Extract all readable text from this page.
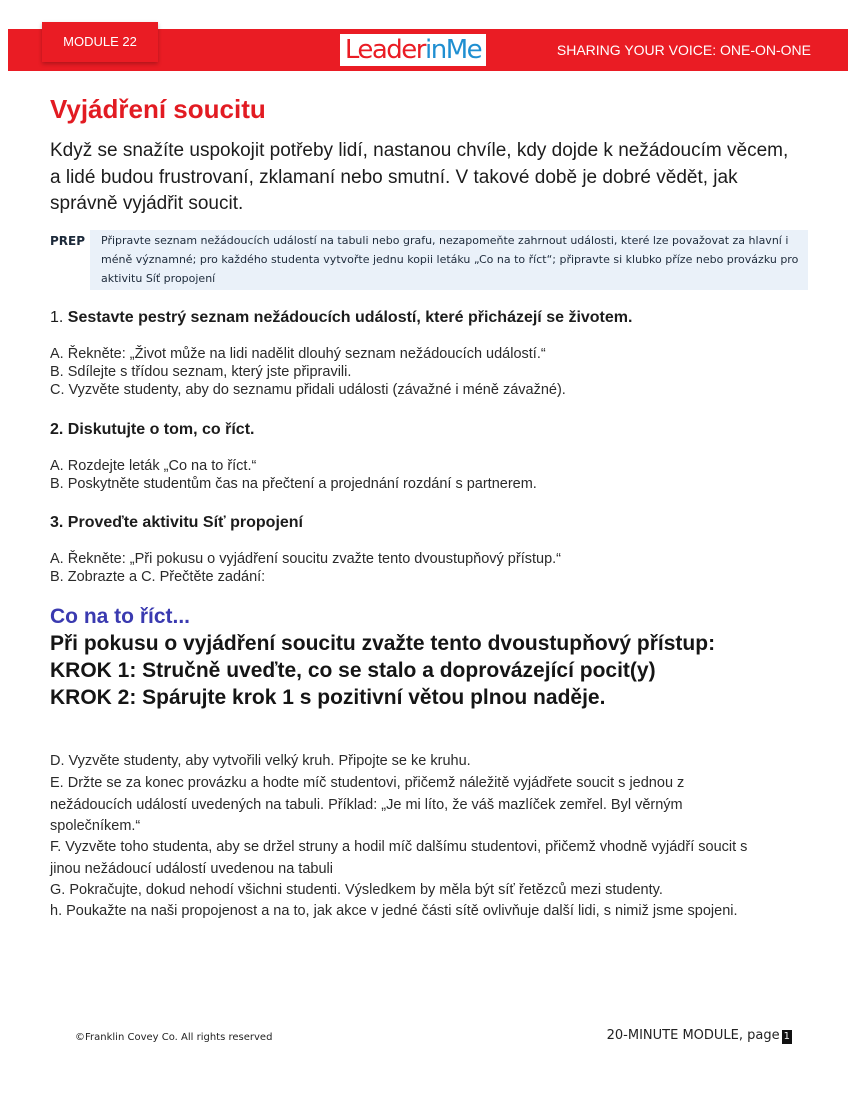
MODULE 22	Leader in Me	SHARING YOUR VOICE: ONE-ON-ONE
Vyjádření soucitu

Když se snažíte uspokojit potřeby lidí, nastanou chvíle, kdy dojde k nežádoucím věcem, a lidé budou frustrovaní, zklamaní nebo smutní. V takové době je dobré vědět, jak správně vyjádřit soucit.

PREP Připravte seznam nežádoucích událostí na tabuli nebo grafu, nezapomeňte zahrnout události, které lze považovat za hlavní i méně významné; pro každého studenta vytvořte jednu kopii letáku „Co na to říct“; připravte si klubko příze nebo provázku pro aktivitu Síť propojení

1. Sestavte pestrý seznam nežádoucích událostí, které přicházejí se životem.

A. Řekněte: „Život může na lidi nadělit dlouhý seznam nežádoucích událostí.“

B. Sdílejte s třídou seznam, který jste připravili.

C. Vyzvěte studenty, aby do seznamu přidali události (závažné i méně závažné).

2. Diskutujte o tom, co říct.

A. Rozdejte leták „Co na to říct.“

B. Poskytněte studentům čas na přečtení a projednání rozdání s partnerem.

3. Proveďte aktivitu Síť propojení

A. Řekněte: „Při pokusu o vyjádření soucitu zvažte tento dvoustupňový přístup.“

B. Zobrazte a C. Přečtěte zadání:

Co na to říct...

Při pokusu o vyjádření soucitu zvažte tento dvoustupňový přístup:

KROK 1: Stručně uveďte, co se stalo a doprovázející pocit(y)

KROK 2: Spárujte krok 1 s pozitivní větou plnou naděje.

D. Vyzvěte studenty, aby vytvořili velký kruh. Připojte se ke kruhu.

E. Držte se za konec provázku a hodte míč studentovi, přičemž náležitě vyjádřete soucit s jednou z nežádoucích událostí uvedených na tabuli. Příklad: „Je mi líto, že váš mazlíček zemřel. Byl věrným společníkem.“

F. Vyzvěte toho studenta, aby se držel struny a hodil míč dalšímu studentovi, přičemž vhodně vyjádří soucit s jinou nežádoucí událostí uvedenou na tabuli

G. Pokračujte, dokud nehodí všichni studenti. Výsledkem by měla být síť řetězců mezi studenty.

h. Poukažte na naši propojenost a na to, jak akce v jedné části sítě ovlivňuje další lidi, s nimiž jsme spojeni.

©Franklin Covey Co. All rights reserved	20-MINUTE MODULE, page 1
